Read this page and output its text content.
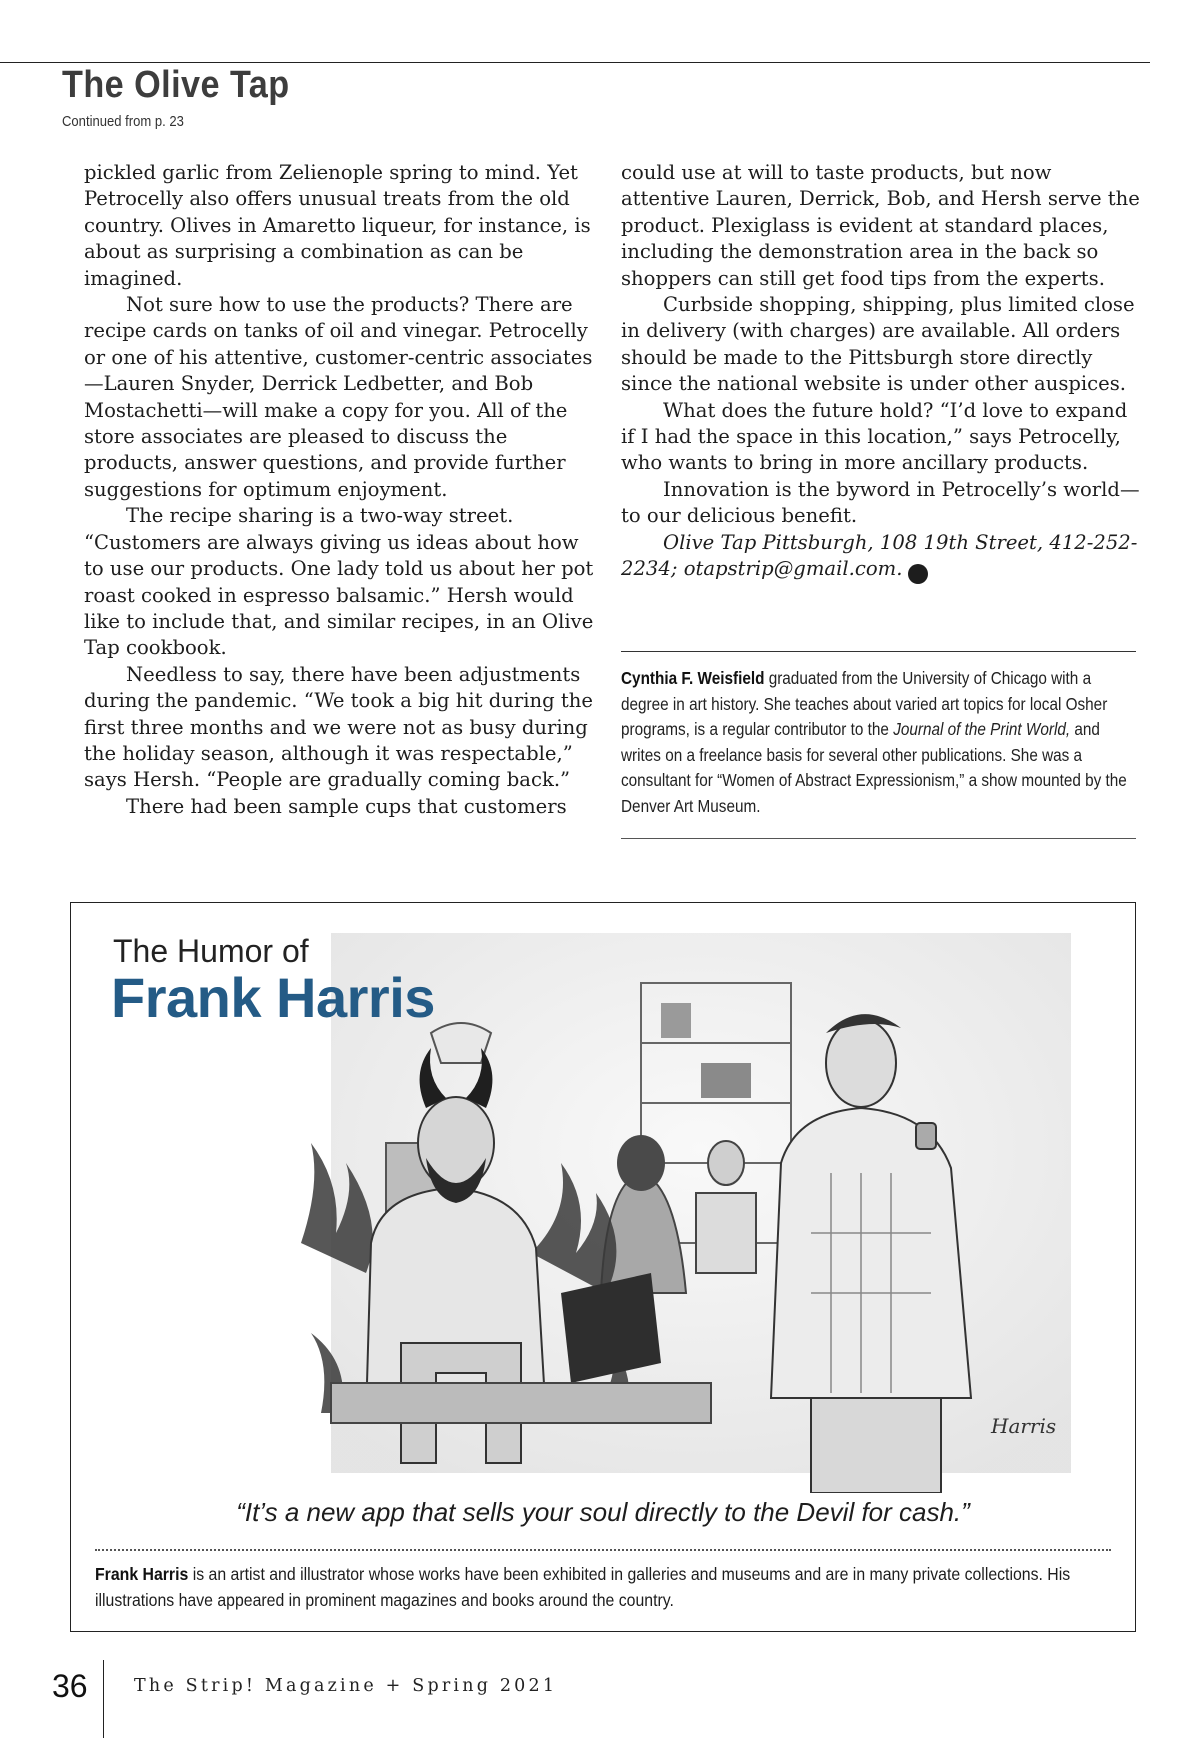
The Olive Tap
Continued from p. 23

pickled garlic from Zelienople spring to mind. Yet Petrocelly also offers unusual treats from the old country. Olives in Amaretto liqueur, for instance, is about as surprising a combination as can be imagined.

Not sure how to use the products? There are recipe cards on tanks of oil and vinegar. Petrocelly or one of his attentive, customer-centric associates—Lauren Snyder, Derrick Ledbetter, and Bob Mostachetti—will make a copy for you. All of the store associates are pleased to discuss the products, answer questions, and provide further suggestions for optimum enjoyment.

The recipe sharing is a two-way street. “Customers are always giving us ideas about how to use our products. One lady told us about her pot roast cooked in espresso balsamic.” Hersh would like to include that, and similar recipes, in an Olive Tap cookbook.

Needless to say, there have been adjustments during the pandemic. “We took a big hit during the first three months and we were not as busy during the holiday season, although it was respectable,” says Hersh. “People are gradually coming back.”

There had been sample cups that customers

could use at will to taste products, but now attentive Lauren, Derrick, Bob, and Hersh serve the product. Plexiglass is evident at standard places, including the demonstration area in the back so shoppers can still get food tips from the experts.

Curbside shopping, shipping, plus limited close in delivery (with charges) are available. All orders should be made to the Pittsburgh store directly since the national website is under other auspices.

What does the future hold? “I’d love to expand if I had the space in this location,” says Petrocelly, who wants to bring in more ancillary products.

Innovation is the byword in Petrocelly’s world—to our delicious benefit.

Olive Tap Pittsburgh, 108 19th Street, 412-252-2234; otapstrip@gmail.com.	!

Cynthia F. Weisfield graduated from the University of Chicago with a degree in art history. She teaches about varied art topics for local Osher programs, is a regular contributor to the Journal of the Print World, and writes on a freelance basis for several other publications. She was a consultant for “Women of Abstract Expressionism,” a show mounted by the Denver Art Museum.
Harris
The Humor of
Frank Harris
“It’s a new app that sells your soul directly to the Devil for cash.”
Frank Harris is an artist and illustrator whose works have been exhibited in galleries and museums and are in many private collections. His illustrations have appeared in prominent magazines and books around the country.
36	The Strip! Magazine + Spring 2021
